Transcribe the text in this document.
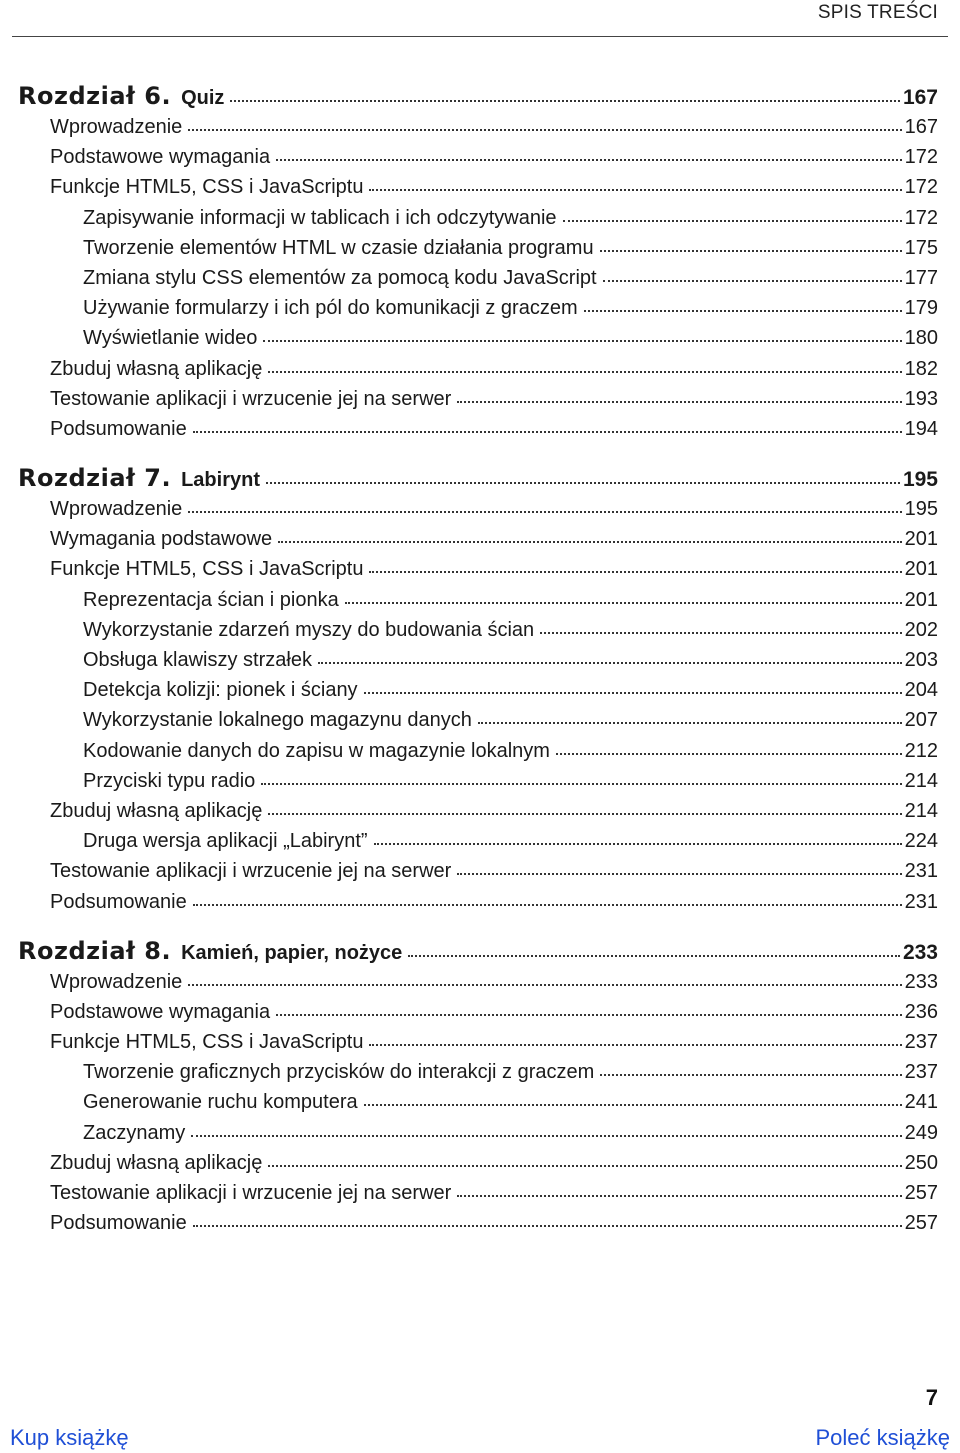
SPIS TREŚCI
Rozdział 6. Quiz	167
Wprowadzenie	167
Podstawowe wymagania	172
Funkcje HTML5, CSS i JavaScriptu	172
Zapisywanie informacji w tablicach i ich odczytywanie	172
Tworzenie elementów HTML w czasie działania programu	175
Zmiana stylu CSS elementów za pomocą kodu JavaScript	177
Używanie formularzy i ich pól do komunikacji z graczem	179
Wyświetlanie wideo	180
Zbuduj własną aplikację	182
Testowanie aplikacji i wrzucenie jej na serwer	193
Podsumowanie	194
Rozdział 7. Labirynt	195
Wprowadzenie	195
Wymagania podstawowe	201
Funkcje HTML5, CSS i JavaScriptu	201
Reprezentacja ścian i pionka	201
Wykorzystanie zdarzeń myszy do budowania ścian	202
Obsługa klawiszy strzałek	203
Detekcja kolizji: pionek i ściany	204
Wykorzystanie lokalnego magazynu danych	207
Kodowanie danych do zapisu w magazynie lokalnym	212
Przyciski typu radio	214
Zbuduj własną aplikację	214
Druga wersja aplikacji „Labirynt”	224
Testowanie aplikacji i wrzucenie jej na serwer	231
Podsumowanie	231
Rozdział 8. Kamień, papier, nożyce	233
Wprowadzenie	233
Podstawowe wymagania	236
Funkcje HTML5, CSS i JavaScriptu	237
Tworzenie graficznych przycisków do interakcji z graczem	237
Generowanie ruchu komputera	241
Zaczynamy	249
Zbuduj własną aplikację	250
Testowanie aplikacji i wrzucenie jej na serwer	257
Podsumowanie	257
7
Kup książkę	Poleć książkę
